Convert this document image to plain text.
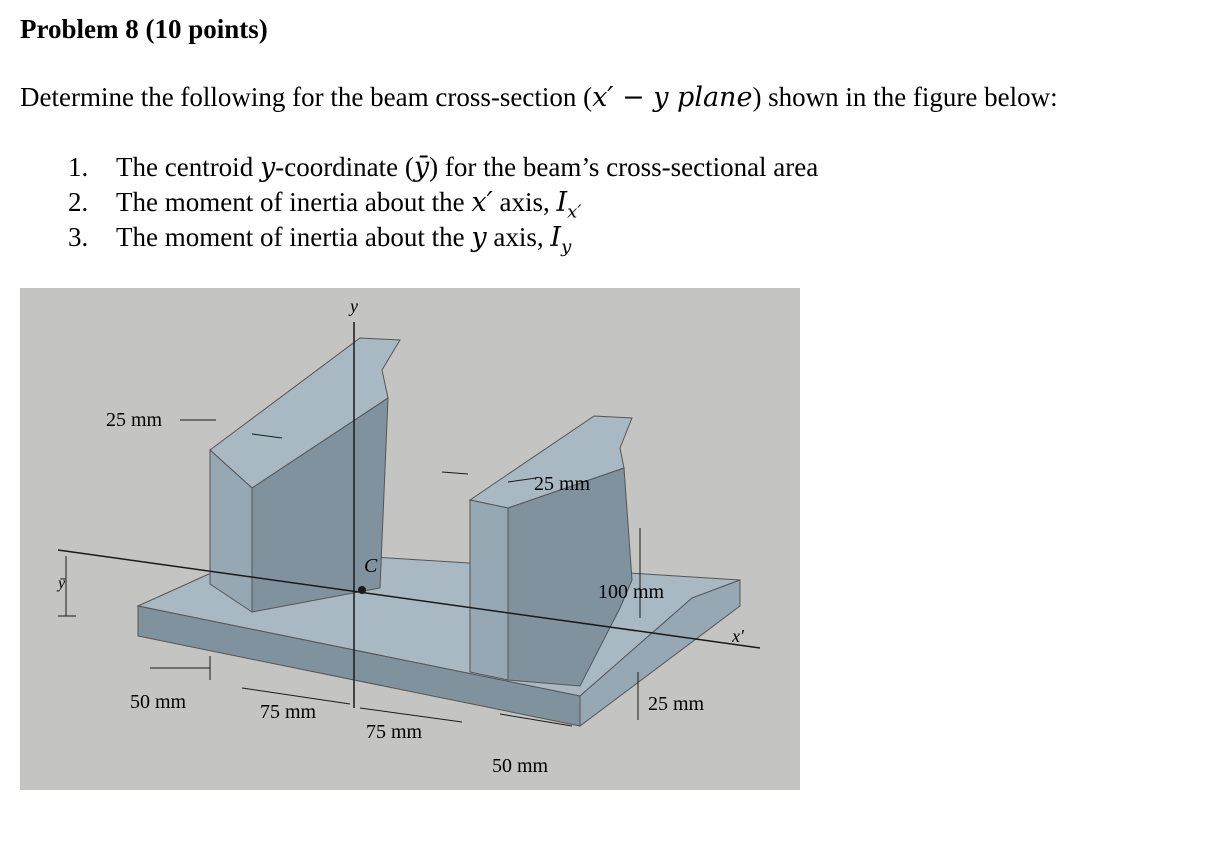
Problem 8 (10 points)
Determine the following for the beam cross-section (x′ − y plane) shown in the figure below:
1.	The centroid y-coordinate (ȳ) for the beam’s cross-sectional area
2.	The moment of inertia about the x′ axis, $I_{x'}$
3.	The moment of inertia about the y axis, $I_y$
y
x′
C
ȳ
25 mm
25 mm
100 mm
25 mm
50 mm	75 mm
75 mm
50 mm
